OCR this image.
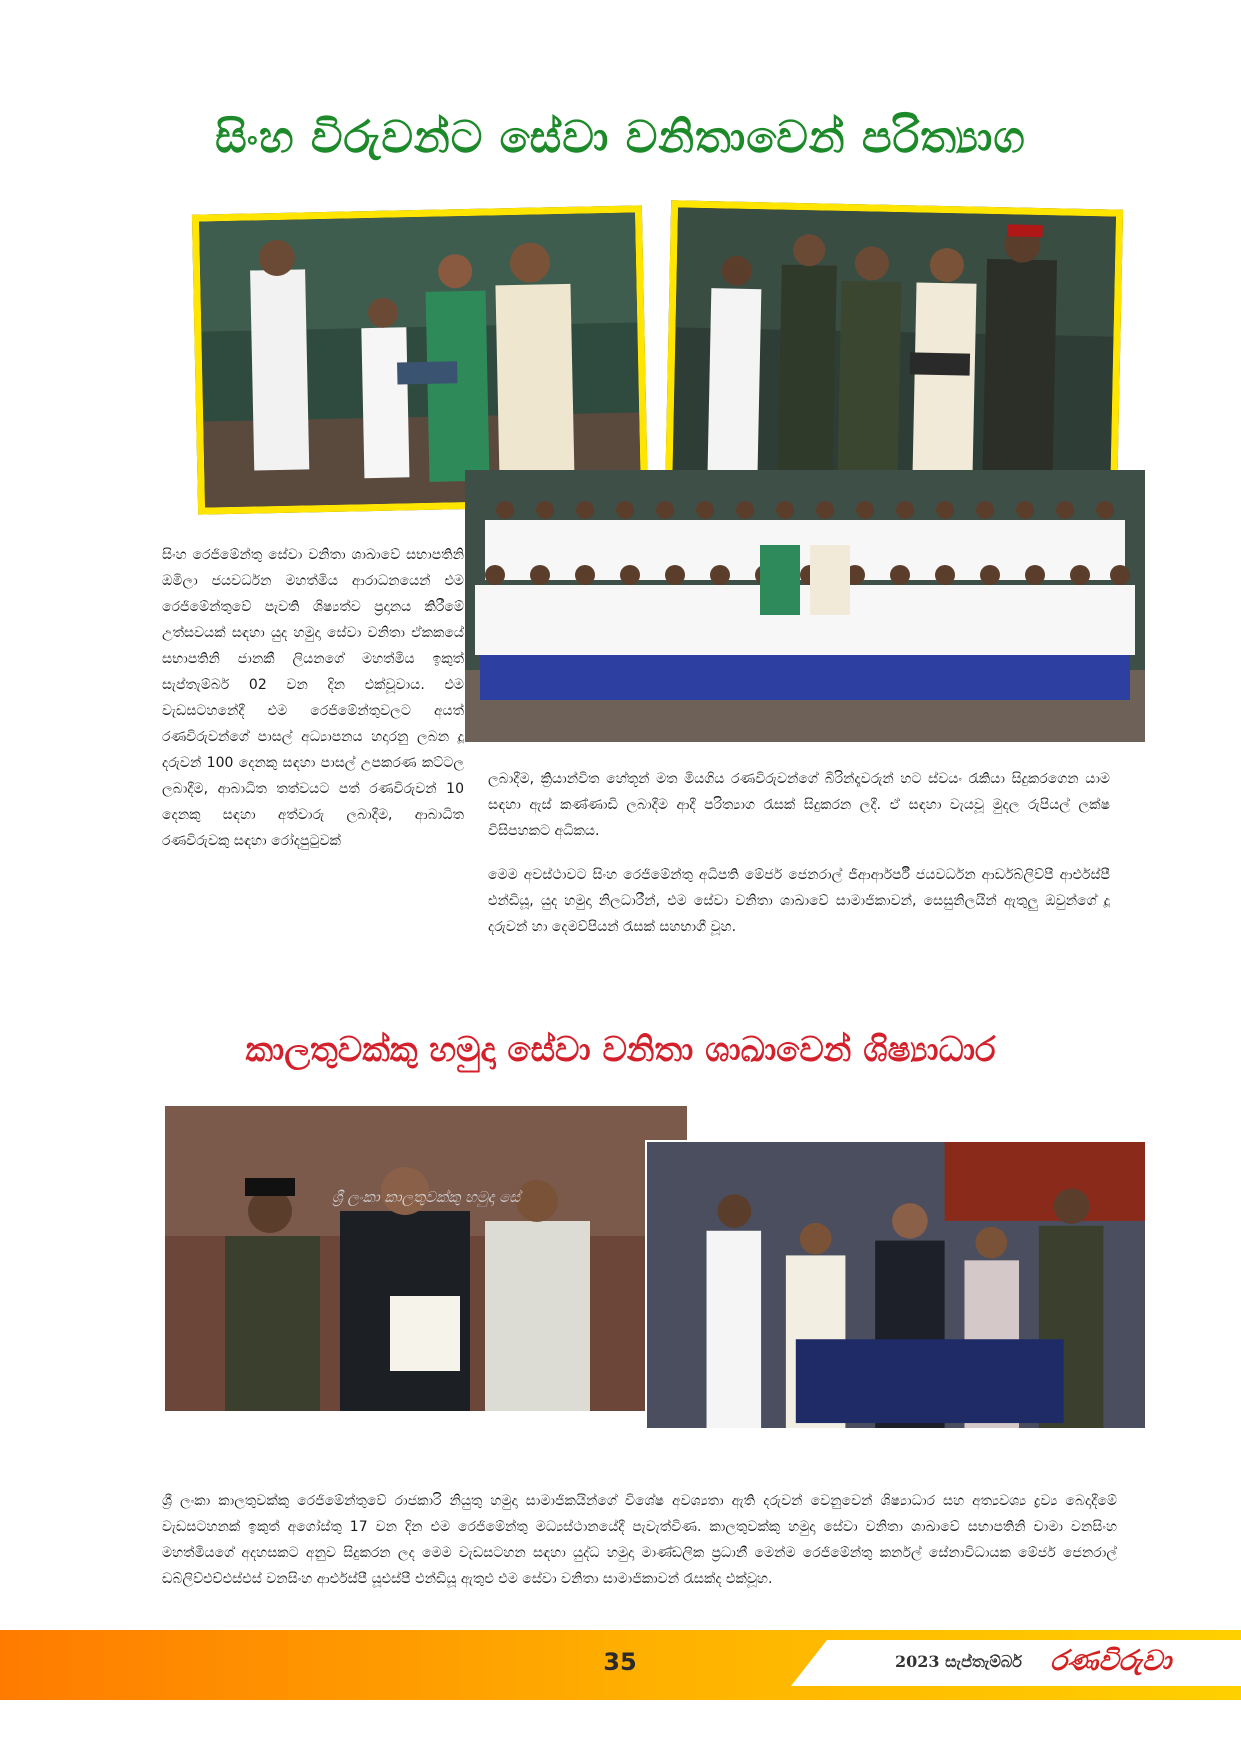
සිංහ විරුවන්ට සේවා වනිතාවෙන් පරිත්‍යාග
සිංහ රෙජිමේන්තු සේවා වනිතා ශාඛාවේ සභාපතිනි ඔමිලා ජයවර්ධන මහත්මිය ආරාධනයෙන් එම රෙජිමේන්තුවේ පැවති ශිෂ්‍යත්ව ප්‍රදානය කිරීමේ උත්සවයක් සඳහා යුද හමුදා සේවා වනිතා ඒකකයේ සභාපතිනි ජානකී ලියනගේ මහත්මිය ඉකුත් සැප්තැම්බර් 02 වන දින එක්වූවාය. එම වැඩසටහනේදී එම රෙජිමේන්තුවලට අයත් රණවිරුවන්ගේ පාසල් අධ්‍යාපනය හදාරනු ලබන දූ දරුවන් 100 දෙනකු සඳහා පාසල් උපකරණ කට්ටල ලබාදීම, ආබාධිත තත්වයට පත් රණවිරුවන් 10 දෙනකු සඳහා අත්වාරු ලබාදීම, ආබාධිත රණවිරුවකු සඳහා රෝදපුටුවක්

ලබාදීම, ක්‍රියාන්විත හේතූන් මත මියගිය රණවිරුවන්ගේ බිරින්දෑවරුන් හට ස්වයං රැකියා සිදුකරගෙන යාම සඳහා ඇස් කණ්ණාඩි ලබාදීම ආදී පරිත්‍යාග රැසක් සිදුකරන ලදී. ඒ සඳහා වැයවූ මුදල රුපියල් ලක්ෂ විසිපහකට අධිකය.

මෙම අවස්ථාවට සිංහ රෙජිමේන්තු අධිපති මේජර් ජෙනරාල් ජීආර්ආර්පී ජයවර්ධන ආර්ඩබ්ලිව්පී ආර්එස්පී එන්ඩියූ, යුද හමුදා නිලධාරීන්, එම සේවා වනිතා ශාඛාවේ සාමාජිකාවන්, සෙසුනිලයින් ඇතුලු ඔවුන්ගේ දූ දරුවන් හා දෙමව්පියන් රැසක් සහභාගී වූහ.

කාලතුවක්කු හමුදා සේවා වනිතා ශාඛාවෙන් ශිෂ්‍යාධාර
ශ්‍රී ලංකා කාලතුවක්කු හමුදා සේ
ශ්‍රී ලංකා කාලතුවක්කු රෙජිමේන්තුවේ රාජකාරි නියුතු හමුදා සාමාජිකයින්ගේ විශේෂ අවශ්‍යතා ඇති දරුවන් වෙනුවෙන් ශිෂ්‍යාධාර සහ අත්‍යවශ්‍ය ද්‍රව්‍ය බෙදාදීමේ වැඩසටහනක් ඉකුත් අගෝස්තු 17 වන දින එම රෙජිමේන්තු මධ්‍යස්ථානයේදී පැවැත්විණ. කාලතුවක්කු හමුදා සේවා වනිතා ශාඛාවේ සභාපතිනි චාමා වනසිංහ මහත්මියගේ අදහසකට අනුව සිදුකරන ලද මෙම වැඩසටහන සඳහා යුද්ධ හමුදා මාණ්ඩලික ප්‍රධානී මෙන්ම රෙජිමේන්තු කර්නල් සේනාවිධායක මේජර් ජෙනරාල් ඩබ්ලිව්එච්එස්එස් වනසිංහ ආර්එස්පී යූඑස්පී එන්ඩියූ ඇතුළු එම සේවා වනිතා සාමාජිකාවන් රැසක්ද එක්වූහ.
35	2023 සැප්තැම්බර් රණවිරුවා
